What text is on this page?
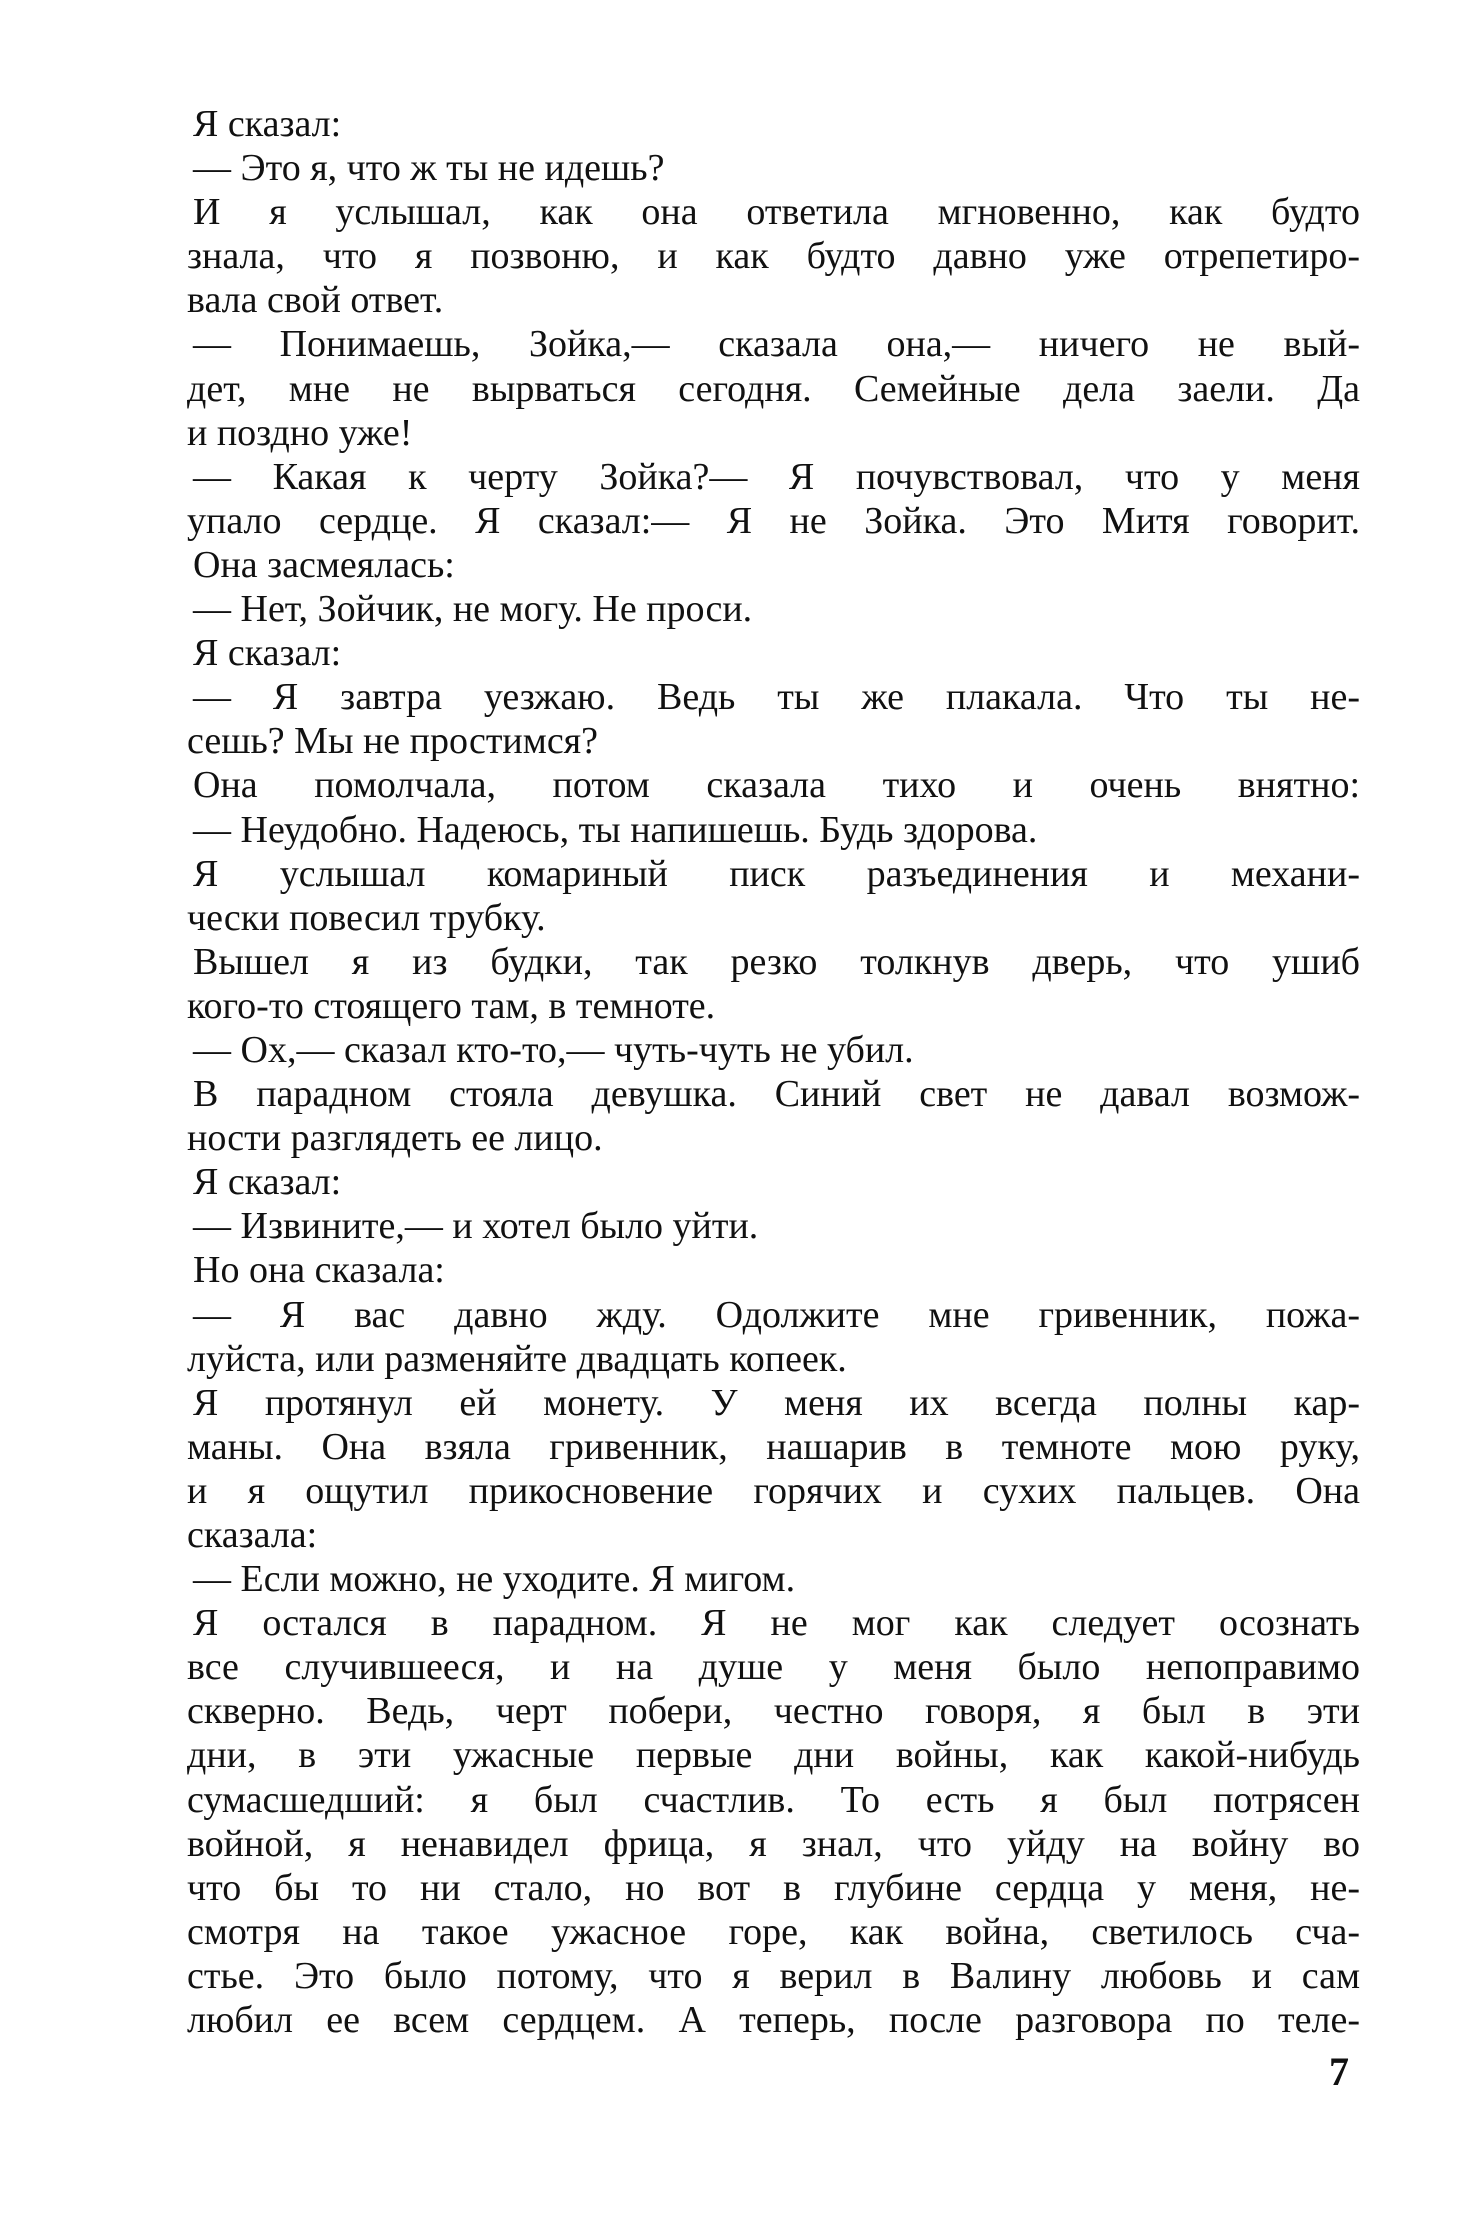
Я сказал:
— Это я, что ж ты не идешь?
И я услышал, как она ответила мгновенно, как будто
знала, что я позвоню, и как будто давно уже отрепетиро-
вала свой ответ.
— Понимаешь, Зойка,— сказала она,— ничего не вый-
дет, мне не вырваться сегодня. Семейные дела заели. Да
и поздно уже!
— Какая к черту Зойка?— Я почувствовал, что у меня
упало сердце. Я сказал:— Я не Зойка. Это Митя говорит.
Она засмеялась:
— Нет, Зойчик, не могу. Не проси.
Я сказал:
— Я завтра уезжаю. Ведь ты же плакала. Что ты не-
сешь? Мы не простимся?
Она помолчала, потом сказала тихо и очень внятно:
— Неудобно. Надеюсь, ты напишешь. Будь здорова.
Я услышал комариный писк разъединения и механи-
чески повесил трубку.
Вышел я из будки, так резко толкнув дверь, что ушиб
кого-то стоящего там, в темноте.
— Ох,— сказал кто-то,— чуть-чуть не убил.
В парадном стояла девушка. Синий свет не давал возмож-
ности разглядеть ее лицо.
Я сказал:
— Извините,— и хотел было уйти.
Но она сказала:
— Я вас давно жду. Одолжите мне гривенник, пожа-
луйста, или разменяйте двадцать копеек.
Я протянул ей монету. У меня их всегда полны кар-
маны. Она взяла гривенник, нашарив в темноте мою руку,
и я ощутил прикосновение горячих и сухих пальцев. Она
сказала:
— Если можно, не уходите. Я мигом.
Я остался в парадном. Я не мог как следует осознать
все случившееся, и на душе у меня было непоправимо
скверно. Ведь, черт побери, честно говоря, я был в эти
дни, в эти ужасные первые дни войны, как какой-нибудь
сумасшедший: я был счастлив. То есть я был потрясен
войной, я ненавидел фрица, я знал, что уйду на войну во
что бы то ни стало, но вот в глубине сердца у меня, не-
смотря на такое ужасное горе, как война, светилось сча-
стье. Это было потому, что я верил в Валину любовь и сам
любил ее всем сердцем. А теперь, после разговора по теле-
7
